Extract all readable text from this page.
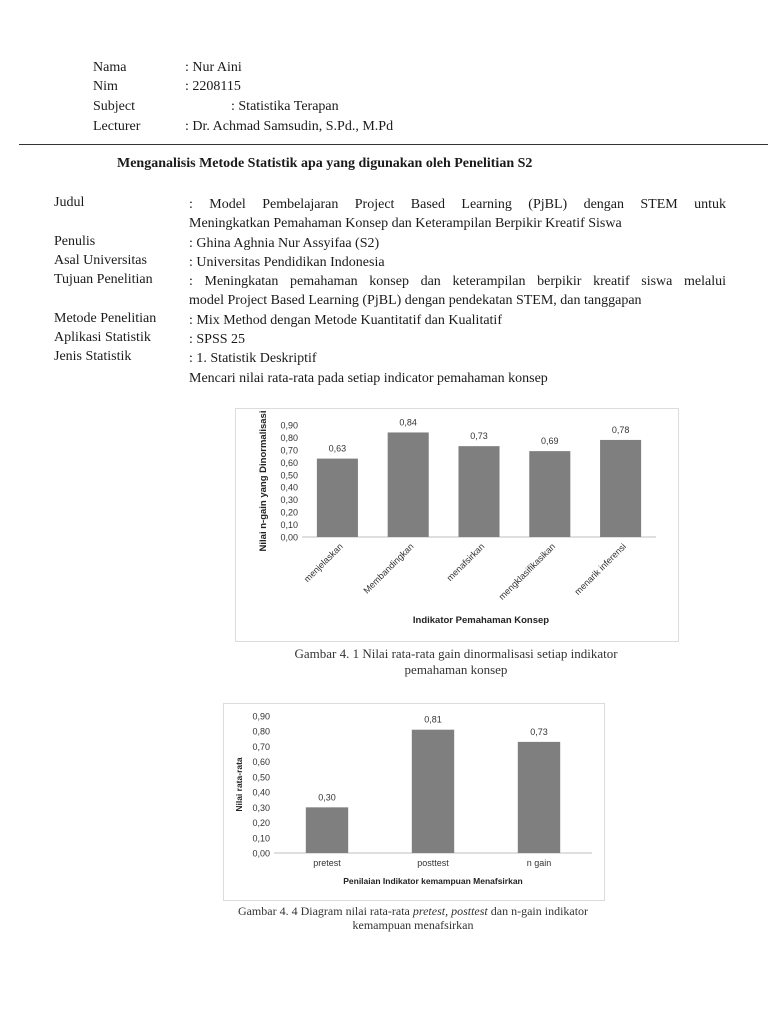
Nama	: Nur Aini
Nim	: 2208115
Subject	: Statistika Terapan
Lecturer	: Dr. Achmad Samsudin, S.Pd., M.Pd
Menganalisis Metode Statistik apa yang digunakan oleh Penelitian S2
Judul	: Model Pembelajaran Project Based Learning (PjBL) dengan STEM untuk
Meningkatkan Pemahaman Konsep dan Keterampilan Berpikir Kreatif Siswa
Penulis	: Ghina Aghnia Nur Assyifaa (S2)
Asal Universitas	: Universitas Pendidikan Indonesia
Tujuan Penelitian	: Meningkatan pemahaman konsep dan keterampilan berpikir kreatif siswa melalui
model Project Based Learning (PjBL) dengan pendekatan STEM, dan tanggapan
Metode Penelitian : Mix Method dengan Metode Kuantitatif dan Kualitatif
Aplikasi Statistik	: SPSS 25
Jenis Statistik	: 1. Statistik Deskriptif
Mencari nilai rata-rata pada setiap indicator pemahaman konsep
0,00
0,10
0,20
0,30
0,40
0,50
0,60
0,70
0,80
0,90
0,63
menjelaskan
0,84
Membandingkan
0,73
menafsirkan
0,69
mengklasifikasikan
0,78
menarik inferensi
Nilai n-gain yang Dinormalisasi
Indikator Pemahaman Konsep
Gambar 4. 1 Nilai rata-rata gain dinormalisasi setiap indikator
pemahaman konsep
0,00
0,10
0,20
0,30
0,40
0,50
0,60
0,70
0,80
0,90
0,30
pretest
0,81
posttest
0,73
n gain
Nilai rata-rata
Penilaian Indikator kemampuan Menafsirkan
Gambar 4. 4 Diagram nilai rata-rata pretest, posttest dan n-gain indikator
kemampuan menafsirkan
